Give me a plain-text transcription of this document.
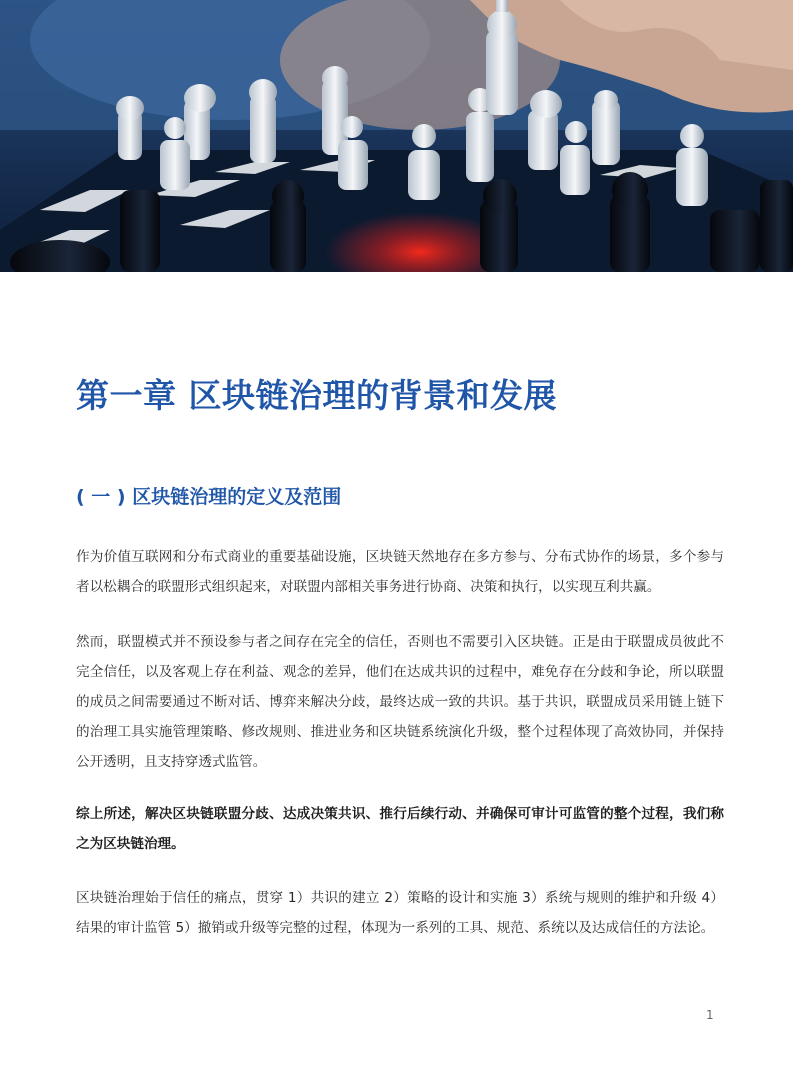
第一章 区块链治理的背景和发展
( 一 ) 区块链治理的定义及范围

作为价值互联网和分布式商业的重要基础设施，区块链天然地存在多方参与、分布式协作的场景，多个参与者以松耦合的联盟形式组织起来，对联盟内部相关事务进行协商、决策和执行，以实现互利共赢。

然而，联盟模式并不预设参与者之间存在完全的信任，否则也不需要引入区块链。正是由于联盟成员彼此不完全信任，以及客观上存在利益、观念的差异，他们在达成共识的过程中，难免存在分歧和争论，所以联盟的成员之间需要通过不断对话、博弈来解决分歧，最终达成一致的共识。基于共识，联盟成员采用链上链下的治理工具实施管理策略、修改规则、推进业务和区块链系统演化升级，整个过程体现了高效协同，并保持公开透明，且支持穿透式监管。

综上所述，解决区块链联盟分歧、达成决策共识、推行后续行动、并确保可审计可监管的整个过程，我们称之为区块链治理。

区块链治理始于信任的痛点，贯穿 1）共识的建立 2）策略的设计和实施 3）系统与规则的维护和升级 4）结果的审计监管 5）撤销或升级等完整的过程，体现为一系列的工具、规范、系统以及达成信任的方法论。

1
